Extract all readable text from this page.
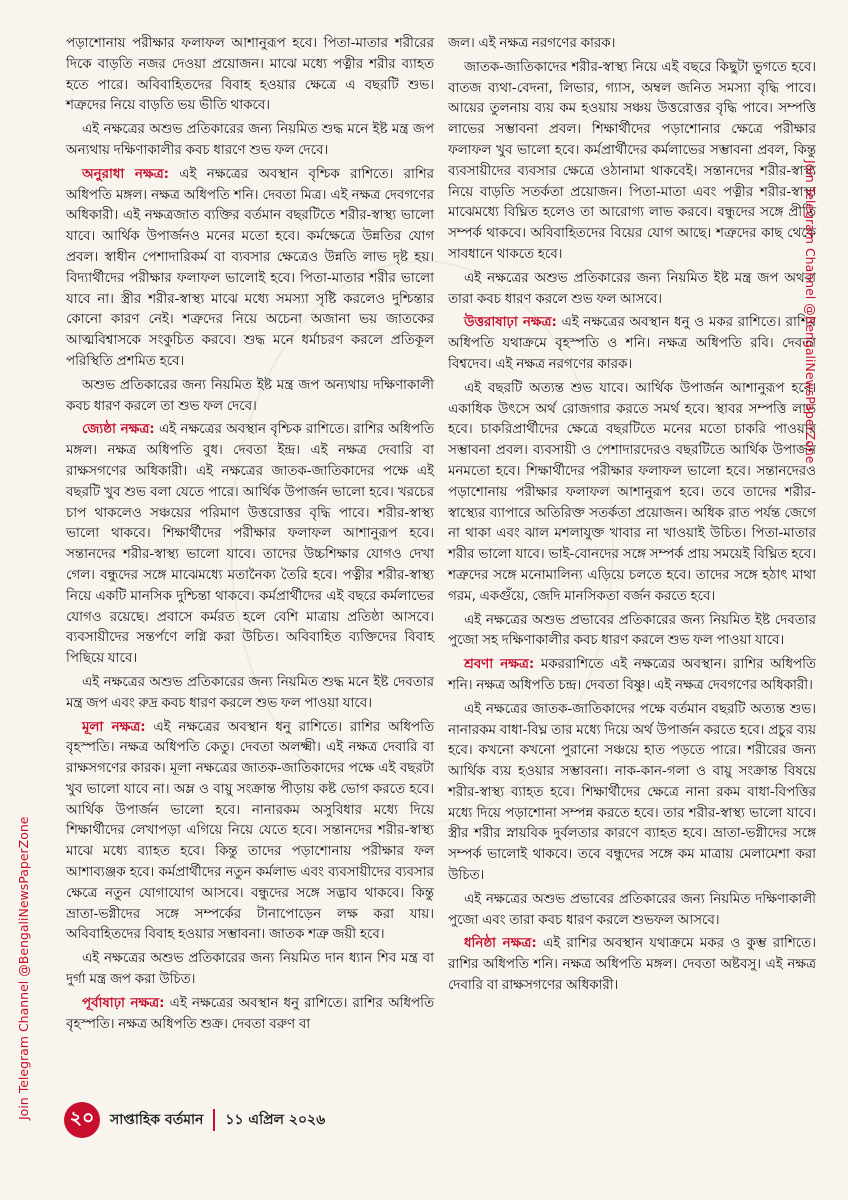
পড়াশোনায় পরীক্ষার ফলাফল আশানুরূপ হবে। পিতা-মাতার শরীরের দিকে বাড়তি নজর দেওয়া প্রয়োজন। মাঝে মধ্যে পত্নীর শরীর ব্যাহত হতে পারে। অবিবাহিতদের বিবাহ হওয়ার ক্ষেত্রে এ বছরটি শুভ। শত্রুদের নিয়ে বাড়তি ভয় ভীতি থাকবে।

এই নক্ষত্রের অশুভ প্রতিকারের জন্য নিয়মিত শুদ্ধ মনে ইষ্ট মন্ত্র জপ অন্যথায় দক্ষিণাকালীর কবচ ধারণে শুভ ফল দেবে।

অনুরাধা নক্ষত্র: এই নক্ষত্রের অবস্থান বৃশ্চিক রাশিতে। রাশির অধিপতি মঙ্গল। নক্ষত্র অধিপতি শনি। দেবতা মিত্র। এই নক্ষত্র দেবগণের অধিকারী। এই নক্ষত্রজাত ব্যক্তির বর্তমান বছরটিতে শরীর-স্বাস্থ্য ভালো যাবে। আর্থিক উপার্জনও মনের মতো হবে। কর্মক্ষেত্রে উন্নতির যোগ প্রবল। স্বাধীন পেশাদারিকর্ম বা ব্যবসার ক্ষেত্রেও উন্নতি লাভ দৃষ্ট হয়। বিদ্যার্থীদের পরীক্ষার ফলাফল ভালোই হবে। পিতা-মাতার শরীর ভালো যাবে না। স্ত্রীর শরীর-স্বাস্থ্য মাঝে মধ্যে সমস্যা সৃষ্টি করলেও দুশ্চিন্তার কোনো কারণ নেই। শত্রুদের নিয়ে অচেনা অজানা ভয় জাতকের আত্মবিশ্বাসকে সংকুচিত করবে। শুদ্ধ মনে ধর্মাচরণ করলে প্রতিকূল পরিস্থিতি প্রশমিত হবে।

অশুভ প্রতিকারের জন্য নিয়মিত ইষ্ট মন্ত্র জপ অন্যথায় দক্ষিণাকালী কবচ ধারণ করলে তা শুভ ফল দেবে।

জ্যেষ্ঠা নক্ষত্র: এই নক্ষত্রের অবস্থান বৃশ্চিক রাশিতে। রাশির অধিপতি মঙ্গল। নক্ষত্র অধিপতি বুধ। দেবতা ইন্দ্র। এই নক্ষত্র দেবারি বা রাক্ষসগণের অধিকারী। এই নক্ষত্রের জাতক-জাতিকাদের পক্ষে এই বছরটি খুব শুভ বলা যেতে পারে। আর্থিক উপার্জন ভালো হবে। খরচের চাপ থাকলেও সঞ্চয়ের পরিমাণ উত্তরোত্তর বৃদ্ধি পাবে। শরীর-স্বাস্থ্য ভালো থাকবে। শিক্ষার্থীদের পরীক্ষার ফলাফল আশানুরূপ হবে। সন্তানদের শরীর-স্বাস্থ্য ভালো যাবে। তাদের উচ্চশিক্ষার যোগও দেখা গেল। বন্ধুদের সঙ্গে মাঝেমধ্যে মতানৈক্য তৈরি হবে। পত্নীর শরীর-স্বাস্থ্য নিয়ে একটি মানসিক দুশ্চিন্তা থাকবে। কর্মপ্রার্থীদের এই বছরে কর্মলাভের যোগও রয়েছে। প্রবাসে কর্মরত হলে বেশি মাত্রায় প্রতিষ্ঠা আসবে। ব্যবসায়ীদের সন্তর্পণে লগ্নি করা উচিত। অবিবাহিত ব্যক্তিদের বিবাহ পিছিয়ে যাবে।

এই নক্ষত্রের অশুভ প্রতিকারের জন্য নিয়মিত শুদ্ধ মনে ইষ্ট দেবতার মন্ত্র জপ এবং রুদ্র কবচ ধারণ করলে শুভ ফল পাওয়া যাবে।

মূলা নক্ষত্র: এই নক্ষত্রের অবস্থান ধনু রাশিতে। রাশির অধিপতি বৃহস্পতি। নক্ষত্র অধিপতি কেতু। দেবতা অলক্ষ্মী। এই নক্ষত্র দেবারি বা রাক্ষসগণের কারক। মূলা নক্ষত্রের জাতক-জাতিকাদের পক্ষে এই বছরটা খুব ভালো যাবে না। অম্ল ও বায়ু সংক্রান্ত পীড়ায় কষ্ট ভোগ করতে হবে। আর্থিক উপার্জন ভালো হবে। নানারকম অসুবিধার মধ্যে দিয়ে শিক্ষার্থীদের লেখাপড়া এগিয়ে নিয়ে যেতে হবে। সন্তানদের শরীর-স্বাস্থ্য মাঝে মধ্যে ব্যাহত হবে। কিন্তু তাদের পড়াশোনায় পরীক্ষার ফল আশাব্যঞ্জক হবে। কর্মপ্রার্থীদের নতুন কর্মলাভ এবং ব্যবসায়ীদের ব্যবসার ক্ষেত্রে নতুন যোগাযোগ আসবে। বন্ধুদের সঙ্গে সদ্ভাব থাকবে। কিন্তু ভ্রাতা-ভগ্নীদের সঙ্গে সম্পর্কের টানাপোড়েন লক্ষ করা যায়। অবিবাহিতদের বিবাহ হওয়ার সম্ভাবনা। জাতক শত্রু জয়ী হবে।

এই নক্ষত্রের অশুভ প্রতিকারের জন্য নিয়মিত দান ধ্যান শিব মন্ত্র বা দুর্গা মন্ত্র জপ করা উচিত।

পূর্বাষাঢ়া নক্ষত্র: এই নক্ষত্রের অবস্থান ধনু রাশিতে। রাশির অধিপতি বৃহস্পতি। নক্ষত্র অধিপতি শুক্র। দেবতা বরুণ বা

জল। এই নক্ষত্র নরগণের কারক।

জাতক-জাতিকাদের শরীর-স্বাস্থ্য নিয়ে এই বছরে কিছুটা ভুগতে হবে। বাতজ ব্যথা-বেদনা, লিভার, গ্যাস, অম্বল জনিত সমস্যা বৃদ্ধি পাবে। আয়ের তুলনায় ব্যয় কম হওয়ায় সঞ্চয় উত্তরোত্তর বৃদ্ধি পাবে। সম্পত্তি লাভের সম্ভাবনা প্রবল। শিক্ষার্থীদের পড়াশোনার ক্ষেত্রে পরীক্ষার ফলাফল খুব ভালো হবে। কর্মপ্রার্থীদের কর্মলাভের সম্ভাবনা প্রবল, কিন্তু ব্যবসায়ীদের ব্যবসার ক্ষেত্রে ওঠানামা থাকবেই। সন্তানদের শরীর-স্বাস্থ্য নিয়ে বাড়তি সতর্কতা প্রয়োজন। পিতা-মাতা এবং পত্নীর শরীর-স্বাস্থ্য মাঝেমধ্যে বিঘ্নিত হলেও তা আরোগ্য লাভ করবে। বন্ধুদের সঙ্গে প্রীতি সম্পর্ক থাকবে। অবিবাহিতদের বিয়ের যোগ আছে। শত্রুদের কাছ থেকে সাবধানে থাকতে হবে।

এই নক্ষত্রের অশুভ প্রতিকারের জন্য নিয়মিত ইষ্ট মন্ত্র জপ অথবা তারা কবচ ধারণ করলে শুভ ফল আসবে।

উত্তরাষাঢ়া নক্ষত্র: এই নক্ষত্রের অবস্থান ধনু ও মকর রাশিতে। রাশির অধিপতি যথাক্রমে বৃহস্পতি ও শনি। নক্ষত্র অধিপতি রবি। দেবতা বিশ্বদেব। এই নক্ষত্র নরগণের কারক।

এই বছরটি অত্যন্ত শুভ যাবে। আর্থিক উপার্জন আশানুরূপ হবে। একাধিক উৎসে অর্থ রোজগার করতে সমর্থ হবে। স্থাবর সম্পত্তি লাভ হবে। চাকরিপ্রার্থীদের ক্ষেত্রে বছরটিতে মনের মতো চাকরি পাওয়ার সম্ভাবনা প্রবল। ব্যবসায়ী ও পেশাদারদেরও বছরটিতে আর্থিক উপার্জন মনমতো হবে। শিক্ষার্থীদের পরীক্ষার ফলাফল ভালো হবে। সন্তানদেরও পড়াশোনায় পরীক্ষার ফলাফল আশানুরূপ হবে। তবে তাদের শরীর-স্বাস্থ্যের ব্যাপারে অতিরিক্ত সতর্কতা প্রয়োজন। অধিক রাত পর্যন্ত জেগে না থাকা এবং ঝাল মশলাযুক্ত খাবার না খাওয়াই উচিত। পিতা-মাতার শরীর ভালো যাবে। ভাই-বোনদের সঙ্গে সম্পর্ক প্রায় সময়েই বিঘ্নিত হবে। শত্রুদের সঙ্গে মনোমালিন্য এড়িয়ে চলতে হবে। তাদের সঙ্গে হঠাৎ মাথা গরম, একগুঁয়ে, জেদি মানসিকতা বর্জন করতে হবে।

এই নক্ষত্রের অশুভ প্রভাবের প্রতিকারের জন্য নিয়মিত ইষ্ট দেবতার পুজো সহ দক্ষিণাকালীর কবচ ধারণ করলে শুভ ফল পাওয়া যাবে।

শ্রবণা নক্ষত্র: মকররাশিতে এই নক্ষত্রের অবস্থান। রাশির অধিপতি শনি। নক্ষত্র অধিপতি চন্দ্র। দেবতা বিষ্ণু। এই নক্ষত্র দেবগণের অধিকারী।

এই নক্ষত্রের জাতক-জাতিকাদের পক্ষে বর্তমান বছরটি অত্যন্ত শুভ। নানারকম বাধা-বিঘ্ন তার মধ্যে দিয়ে অর্থ উপার্জন করতে হবে। প্রচুর ব্যয় হবে। কখনো কখনো পুরানো সঞ্চয়ে হাত পড়তে পারে। শরীরের জন্য আর্থিক ব্যয় হওয়ার সম্ভাবনা। নাক-কান-গলা ও বায়ু সংক্রান্ত বিষয়ে শরীর-স্বাস্থ্য ব্যাহত হবে। শিক্ষার্থীদের ক্ষেত্রে নানা রকম বাধা-বিপত্তির মধ্যে দিয়ে পড়াশোনা সম্পন্ন করতে হবে। তার শরীর-স্বাস্থ্য ভালো যাবে। স্ত্রীর শরীর স্নায়বিক দুর্বলতার কারণে ব্যাহত হবে। ভ্রাতা-ভগ্নীদের সঙ্গে সম্পর্ক ভালোই থাকবে। তবে বন্ধুদের সঙ্গে কম মাত্রায় মেলামেশা করা উচিত।

এই নক্ষত্রের অশুভ প্রভাবের প্রতিকারের জন্য নিয়মিত দক্ষিণাকালী পুজো এবং তারা কবচ ধারণ করলে শুভফল আসবে।

ধনিষ্ঠা নক্ষত্র: এই রাশির অবস্থান যথাক্রমে মকর ও কুম্ভ রাশিতে। রাশির অধিপতি শনি। নক্ষত্র অধিপতি মঙ্গল। দেবতা অষ্টবসু। এই নক্ষত্র দেবারি বা রাক্ষসগণের অধিকারী।

Join Telegram Channel @BengaliNewsPaperZone
Join Telegram Channel @BengaliNewsPaperZone ২০	সাপ্তাহিক বর্তমান ১১ এপ্রিল ২০২৬
